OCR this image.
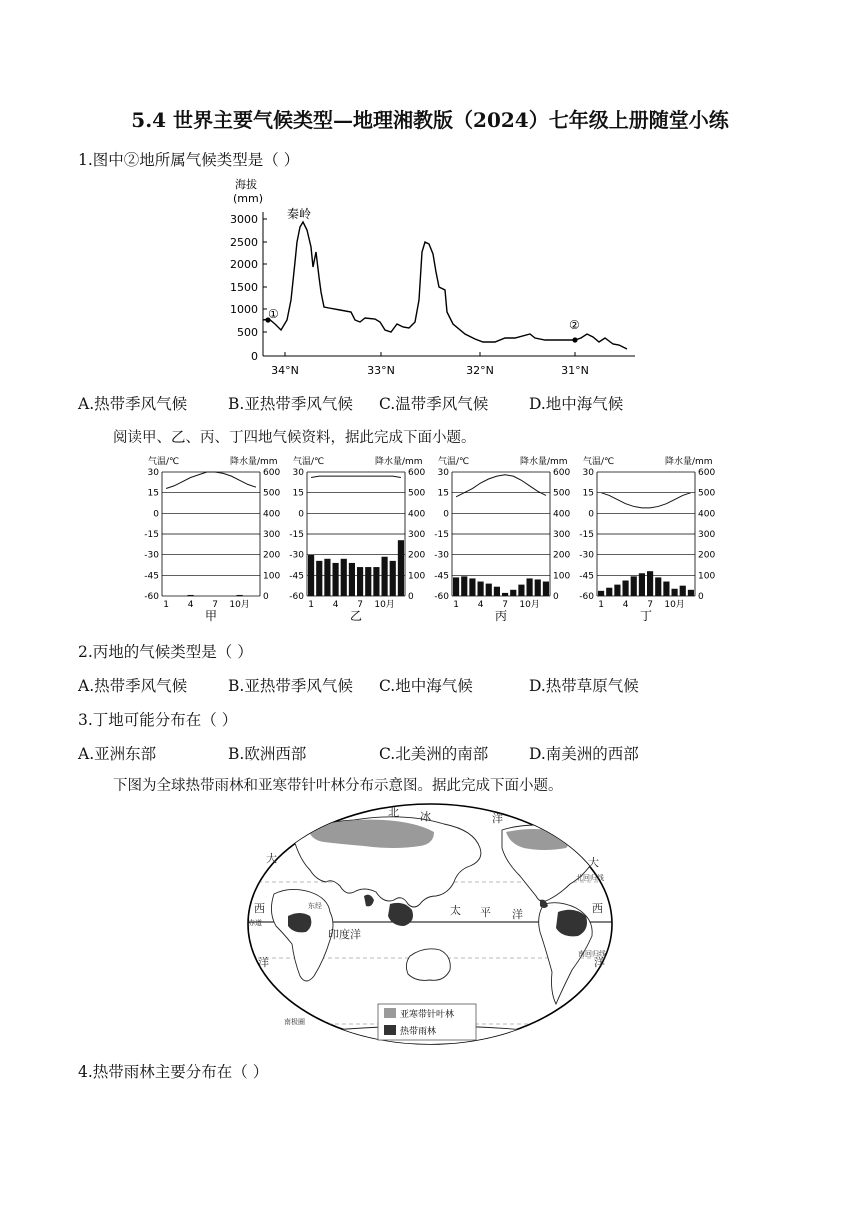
5.4 世界主要气候类型—地理湘教版（2024）七年级上册随堂小练
1.图中②地所属气候类型是（ ）
海拔
(mm)
3000
2500
2000
1500
1000
500
0
34°N	33°N	32°N	31°N
①
②
秦岭
A.热带季风气候	B.亚热带季风气候 C.温带季风气候	D.地中海气候
阅读甲、乙、丙、丁四地气候资料，据此完成下面小题。
气温/℃	降水量/mm
30	600
15	500
0	400
-15	300
-30	200
-45	100
-60	0
1 4 7 10月
甲
气温/℃	降水量/mm
30	600
15	500
0	400
-15	300
-30	200
-45	100
-60	0
1 4 7 10月
乙
气温/℃	降水量/mm
30	600
15	500
0	400
-15	300
-30	200
-45	100
-60	0
1 4 7 10月
丙
气温/℃	降水量/mm
30	600
15	500
0	400
-15	300
-30	200
-45	100
-60	0
1 4 7 10月
丁
2.丙地的气候类型是（ ）
A.热带季风气候	B.亚热带季风气候 C.地中海气候	D.热带草原气候
3.丁地可能分布在（ ）
A.亚洲东部	B.欧洲西部	C.北美洲的南部	D.南美洲的西部
下图为全球热带雨林和亚寒带针叶林分布示意图。据此完成下面小题。
北 冰	洋
大
西
洋
大
西
洋
印度洋
太 平 洋
赤道
北回归线
南回归线
南极圈
东经
亚寒带针叶林
热带雨林
4.热带雨林主要分布在（ ）
